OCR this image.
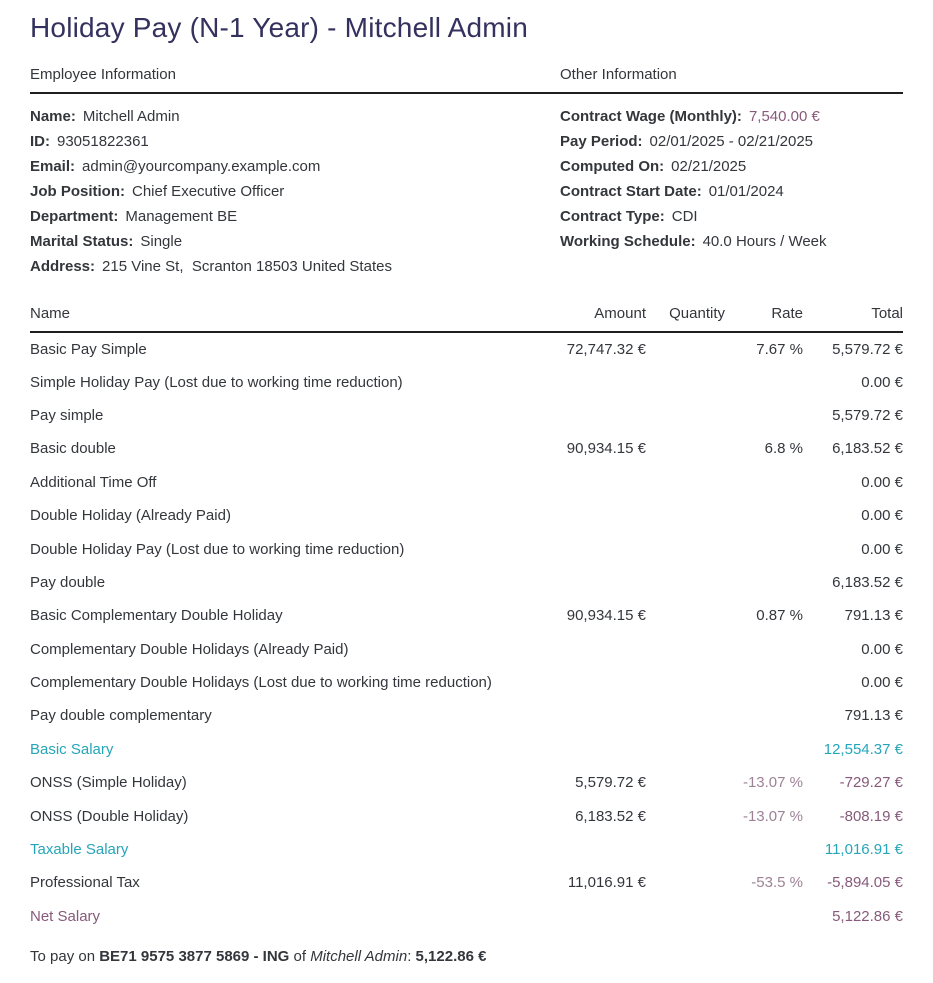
Holiday Pay (N-1 Year) - Mitchell Admin
Employee Information	Other Information
Name: Mitchell Admin
ID: 93051822361
Email: admin@yourcompany.example.com
Job Position: Chief Executive Officer
Department: Management BE
Marital Status: Single
Address: 215 Vine St,  Scranton 18503 United States
Contract Wage (Monthly): 7,540.00 €
Pay Period: 02/01/2025 - 02/21/2025
Computed On: 02/21/2025
Contract Start Date: 01/01/2024
Contract Type: CDI
Working Schedule: 40.0 Hours / Week
Name	Amount	Quantity	Rate	Total
Basic Pay Simple	72,747.32 €		7.67 %	5,579.72 €
Simple Holiday Pay (Lost due to working time reduction)				0.00 €
Pay simple				5,579.72 €
Basic double	90,934.15 €		6.8 %	6,183.52 €
Additional Time Off				0.00 €
Double Holiday (Already Paid)				0.00 €
Double Holiday Pay (Lost due to working time reduction)				0.00 €
Pay double				6,183.52 €
Basic Complementary Double Holiday	90,934.15 €		0.87 %	791.13 €
Complementary Double Holidays (Already Paid)				0.00 €
Complementary Double Holidays (Lost due to working time reduction)				0.00 €
Pay double complementary				791.13 €
Basic Salary				12,554.37 €
ONSS (Simple Holiday)	5,579.72 €		-13.07 %	-729.27 €
ONSS (Double Holiday)	6,183.52 €		-13.07 %	-808.19 €
Taxable Salary				11,016.91 €
Professional Tax	11,016.91 €		-53.5 %	-5,894.05 €
Net Salary				5,122.86 €

To pay on BE71 9575 3877 5869 - ING of Mitchell Admin: 5,122.86 €
